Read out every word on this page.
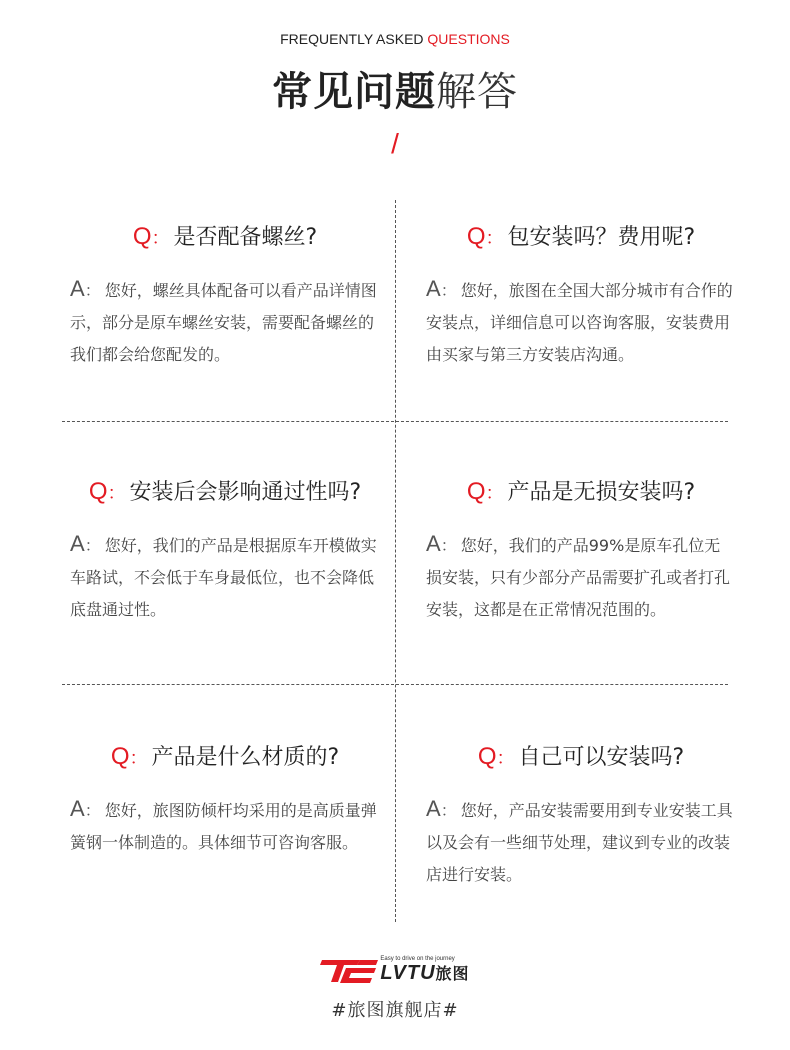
FREQUENTLY ASKED QUESTIONS
常见问题解答
/
Q ： 是否配备螺丝?

A： 您好，螺丝具体配备可以看产品详情图示，部分是原车螺丝安装，需要配备螺丝的我们都会给您配发的。

Q ： 包安装吗？费用呢?

A： 您好，旅图在全国大部分城市有合作的安装点，详细信息可以咨询客服，安装费用由买家与第三方安装店沟通。

Q ： 安装后会影响通过性吗?

A： 您好，我们的产品是根据原车开模做实车路试，不会低于车身最低位，也不会降低底盘通过性。

Q ： 产品是无损安装吗?

A： 您好，我们的产品99%是原车孔位无损安装，只有少部分产品需要扩孔或者打孔安装，这都是在正常情况范围的。

Q ： 产品是什么材质的?

A： 您好，旅图防倾杆均采用的是高质量弹簧钢一体制造的。具体细节可咨询客服。

Q ： 自己可以安装吗?

A： 您好，产品安装需要用到专业安装工具以及会有一些细节处理，建议到专业的改装店进行安装。

Easy to drive on the journey
LVTU旅图
#旅图旗舰店#
